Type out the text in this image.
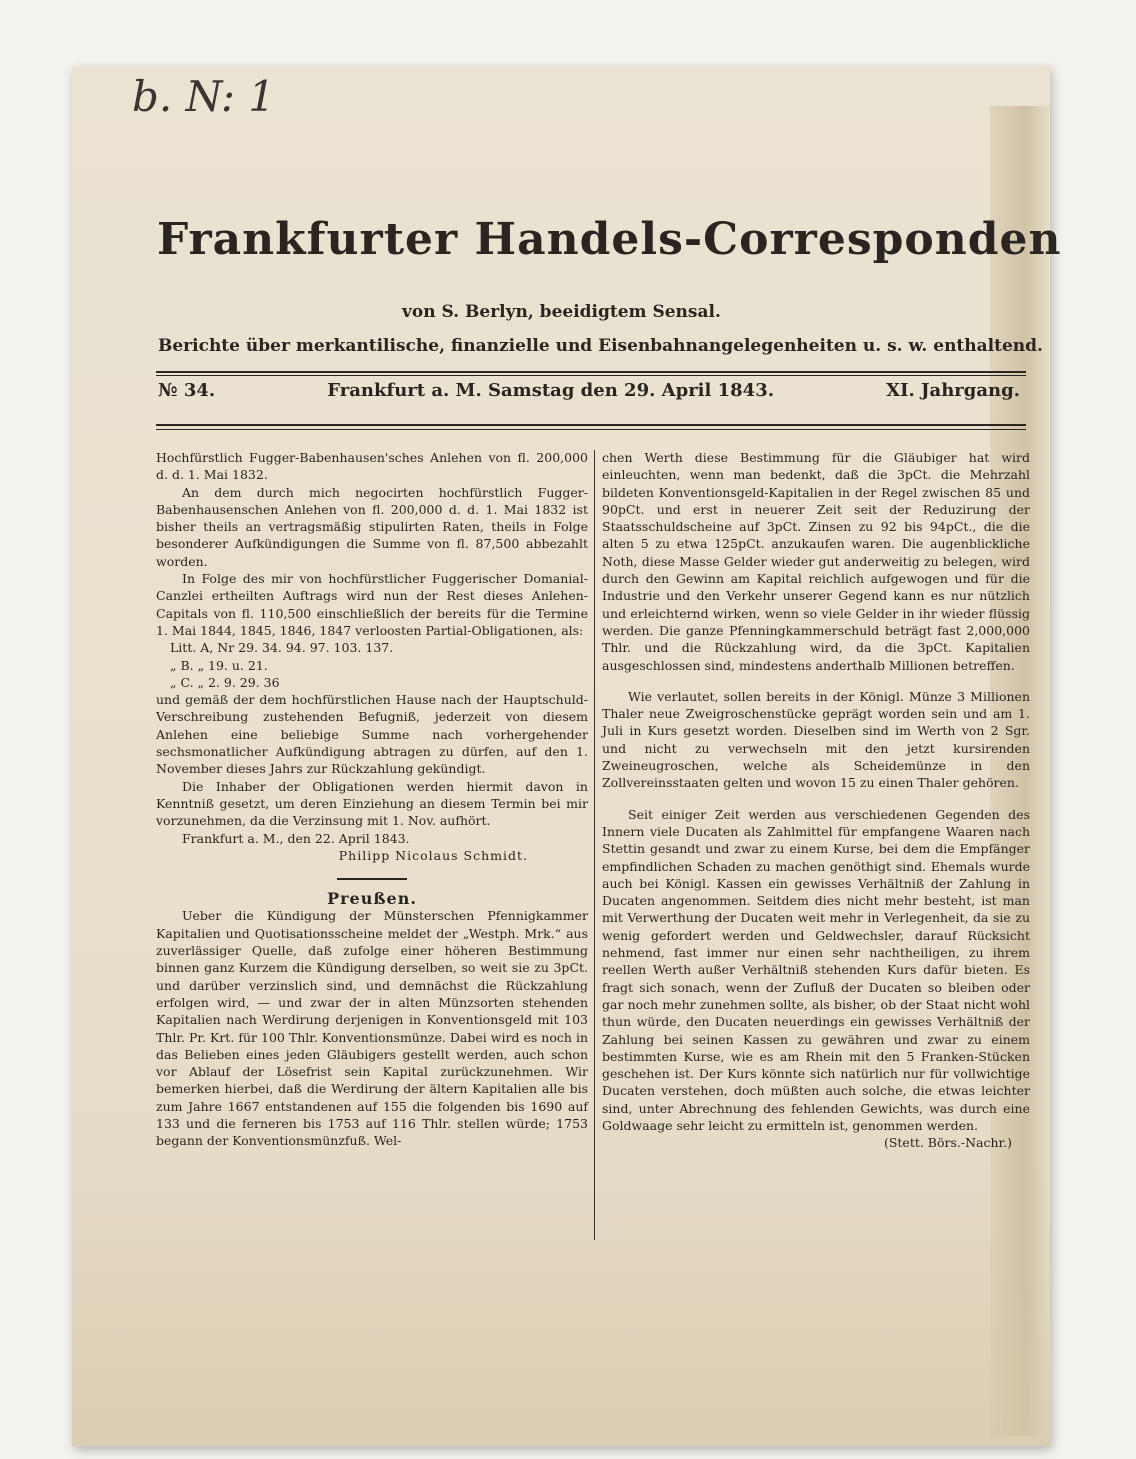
b. N: 1
Frankfurter Handels-Corresponden
von S. Berlyn, beeidigtem Sensal.
Berichte über merkantilische, finanzielle und Eisenbahnangelegenheiten u. s. w. enthaltend.
№ 34.	Frankfurt a. M. Samstag den 29. April 1843.	XI. Jahrgang.

Hochfürstlich Fugger-Babenhausen'sches Anlehen von fl. 200,000 d. d. 1. Mai 1832.

An dem durch mich negocirten hochfürstlich Fugger-Babenhausenschen Anlehen von fl. 200,000 d. d. 1. Mai 1832 ist bisher theils an vertragsmäßig stipulirten Raten, theils in Folge besonderer Aufkündigungen die Summe von fl. 87,500 abbezahlt worden.

In Folge des mir von hochfürstlicher Fuggerischer Domanial-Canzlei ertheilten Auftrags wird nun der Rest dieses Anlehen-Capitals von fl. 110,500 einschließlich der bereits für die Termine 1. Mai 1844, 1845, 1846, 1847 verloosten Partial-Obligationen, als:

Litt. A, Nr 29. 34. 94. 97. 103. 137.

„ B. „ 19. u. 21.

„ C. „ 2. 9. 29. 36

und gemäß der dem hochfürstlichen Hause nach der Hauptschuld-Verschreibung zustehenden Befugniß, jederzeit von diesem Anlehen eine beliebige Summe nach vorhergehender sechsmonatlicher Aufkündigung abtragen zu dürfen, auf den 1. November dieses Jahrs zur Rückzahlung gekündigt.

Die Inhaber der Obligationen werden hiermit davon in Kenntniß gesetzt, um deren Einziehung an diesem Termin bei mir vorzunehmen, da die Verzinsung mit 1. Nov. aufhört.

Frankfurt a. M., den 22. April 1843.

Philipp Nicolaus Schmidt.

Preußen.

Ueber die Kündigung der Münsterschen Pfennigkammer Kapitalien und Quotisationsscheine meldet der „Westph. Mrk.“ aus zuverlässiger Quelle, daß zufolge einer höheren Bestimmung binnen ganz Kurzem die Kündigung derselben, so weit sie zu 3pCt. und darüber verzinslich sind, und demnächst die Rückzahlung erfolgen wird, — und zwar der in alten Münzsorten stehenden Kapitalien nach Werdirung derjenigen in Konventionsgeld mit 103 Thlr. Pr. Krt. für 100 Thlr. Konventionsmünze. Dabei wird es noch in das Belieben eines jeden Gläubigers gestellt werden, auch schon vor Ablauf der Lösefrist sein Kapital zurückzunehmen. Wir bemerken hierbei, daß die Werdirung der ältern Kapitalien alle bis zum Jahre 1667 entstandenen auf 155 die folgenden bis 1690 auf 133 und die ferneren bis 1753 auf 116 Thlr. stellen würde; 1753 begann der Konventionsmünzfuß. Wel-

chen Werth diese Bestimmung für die Gläubiger hat wird einleuchten, wenn man bedenkt, daß die 3pCt. die Mehrzahl bildeten Konventionsgeld-Kapitalien in der Regel zwischen 85 und 90pCt. und erst in neuerer Zeit seit der Reduzirung der Staatsschuldscheine auf 3pCt. Zinsen zu 92 bis 94pCt., die die alten 5 zu etwa 125pCt. anzukaufen waren. Die augenblickliche Noth, diese Masse Gelder wieder gut anderweitig zu belegen, wird durch den Gewinn am Kapital reichlich aufgewogen und für die Industrie und den Verkehr unserer Gegend kann es nur nützlich und erleichternd wirken, wenn so viele Gelder in ihr wieder flüssig werden. Die ganze Pfenningkammerschuld beträgt fast 2,000,000 Thlr. und die Rückzahlung wird, da die 3pCt. Kapitalien ausgeschlossen sind, mindestens anderthalb Millionen betreffen.

Wie verlautet, sollen bereits in der Königl. Münze 3 Millionen Thaler neue Zweigroschenstücke geprägt worden sein und am 1. Juli in Kurs gesetzt worden. Dieselben sind im Werth von 2 Sgr. und nicht zu verwechseln mit den jetzt kursirenden Zweineugroschen, welche als Scheidemünze in den Zollvereinsstaaten gelten und wovon 15 zu einen Thaler gehören.

Seit einiger Zeit werden aus verschiedenen Gegenden des Innern viele Ducaten als Zahlmittel für empfangene Waaren nach Stettin gesandt und zwar zu einem Kurse, bei dem die Empfänger empfindlichen Schaden zu machen genöthigt sind. Ehemals wurde auch bei Königl. Kassen ein gewisses Verhältniß der Zahlung in Ducaten angenommen. Seitdem dies nicht mehr besteht, ist man mit Verwerthung der Ducaten weit mehr in Verlegenheit, da sie zu wenig gefordert werden und Geldwechsler, darauf Rücksicht nehmend, fast immer nur einen sehr nachtheiligen, zu ihrem reellen Werth außer Verhältniß stehenden Kurs dafür bieten. Es fragt sich sonach, wenn der Zufluß der Ducaten so bleiben oder gar noch mehr zunehmen sollte, als bisher, ob der Staat nicht wohl thun würde, den Ducaten neuerdings ein gewisses Verhältniß der Zahlung bei seinen Kassen zu gewähren und zwar zu einem bestimmten Kurse, wie es am Rhein mit den 5 Franken-Stücken geschehen ist. Der Kurs könnte sich natürlich nur für vollwichtige Ducaten verstehen, doch müßten auch solche, die etwas leichter sind, unter Abrechnung des fehlenden Gewichts, was durch eine Goldwaage sehr leicht zu ermitteln ist, genommen werden.

(Stett. Börs.-Nachr.)
